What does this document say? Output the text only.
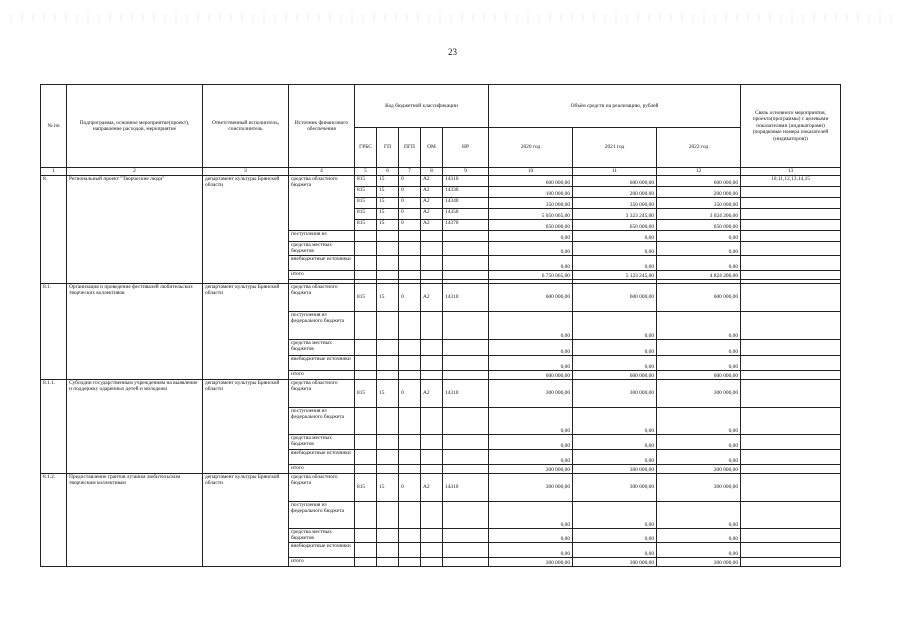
23
№ пп	Подпрограмма, основное мероприятие(проект), направление расходов, мероприятие	Ответственный исполнитель, соисполнитель	Источник финансового обеспечения	Код бюджетной классификации					Объём средств на реализацию, рублей			Связь основного мероприятия, проекта(программы) с целевыми показателями (индикаторами) (порядковые номера показателей (индикаторов))
				ГРБС	ГП	ПГП	ОМ	НР	2020 год	2021 год	2022 год	
1	2	3	4	5	6	7	8	9	10	11	12	13
8.	Региональный проект "Творческие люди"	департамент культуры Брянской области	средства областного бюджета	815	15	0	A2	14310	600 000,00	600 000,00	600 000,00	10,11,12,13,14,15
				815	15	0	A2	14330	100 000,00	200 000,00	200 000,00	
				815	15	0	A2	14340	350 000,00	350 000,00	350 000,00	
				815	15	0	A2	14350	5 050 065,00	3 323 245,00	3 024 206,00	
				815	15	0	A2	14370	650 000,00	650 000,00	650 000,00	
			поступления из						0,00	0,00	0,00	
			средства местных бюджетов						0,00	0,00	0,00	
			внебюджетные источники						0,00	0,00	0,00	
			итого						6 750 065,00	5 123 245,00	4 824 206,00	

8.1.	Организация и проведение фестивалей любительских творческих коллективов	департамент культуры Брянской области	средства областного бюджета	815	15	0	A2	14310	600 000,00	600 000,00	600 000,00	
			поступления из федерального бюджета						0,00	0,00	0,00	
			средства местных бюджетов						0,00	0,00	0,00	
			внебюджетные источники						0,00	0,00	0,00	
			итого						600 000,00	600 000,00	600 000,00	
8.1.1.	Субсидии государственным учреждениям на выявление и поддержку одаренных детей и молодежи	департамент культуры Брянской области	средства областного бюджета	815	15	0	A2	14310	300 000,00	300 000,00	300 000,00	
			поступления из федерального бюджета						0,00	0,00	0,00	
			средства местных бюджетов						0,00	0,00	0,00	
			внебюджетные источники						0,00	0,00	0,00	
			итого						300 000,00	300 000,00	300 000,00	
8.1.2.	Предоставление грантов лучшим любительским творческим коллективам	департамент культуры Брянской области	средства областного бюджета	815	15	0	A2	14310	300 000,00	300 000,00	300 000,00	
			поступления из федерального бюджета						0,00	0,00	0,00	
			средства местных бюджетов						0,00	0,00	0,00	
			внебюджетные источники						0,00	0,00	0,00	
			итого						300 000,00	300 000,00	300 000,00	
